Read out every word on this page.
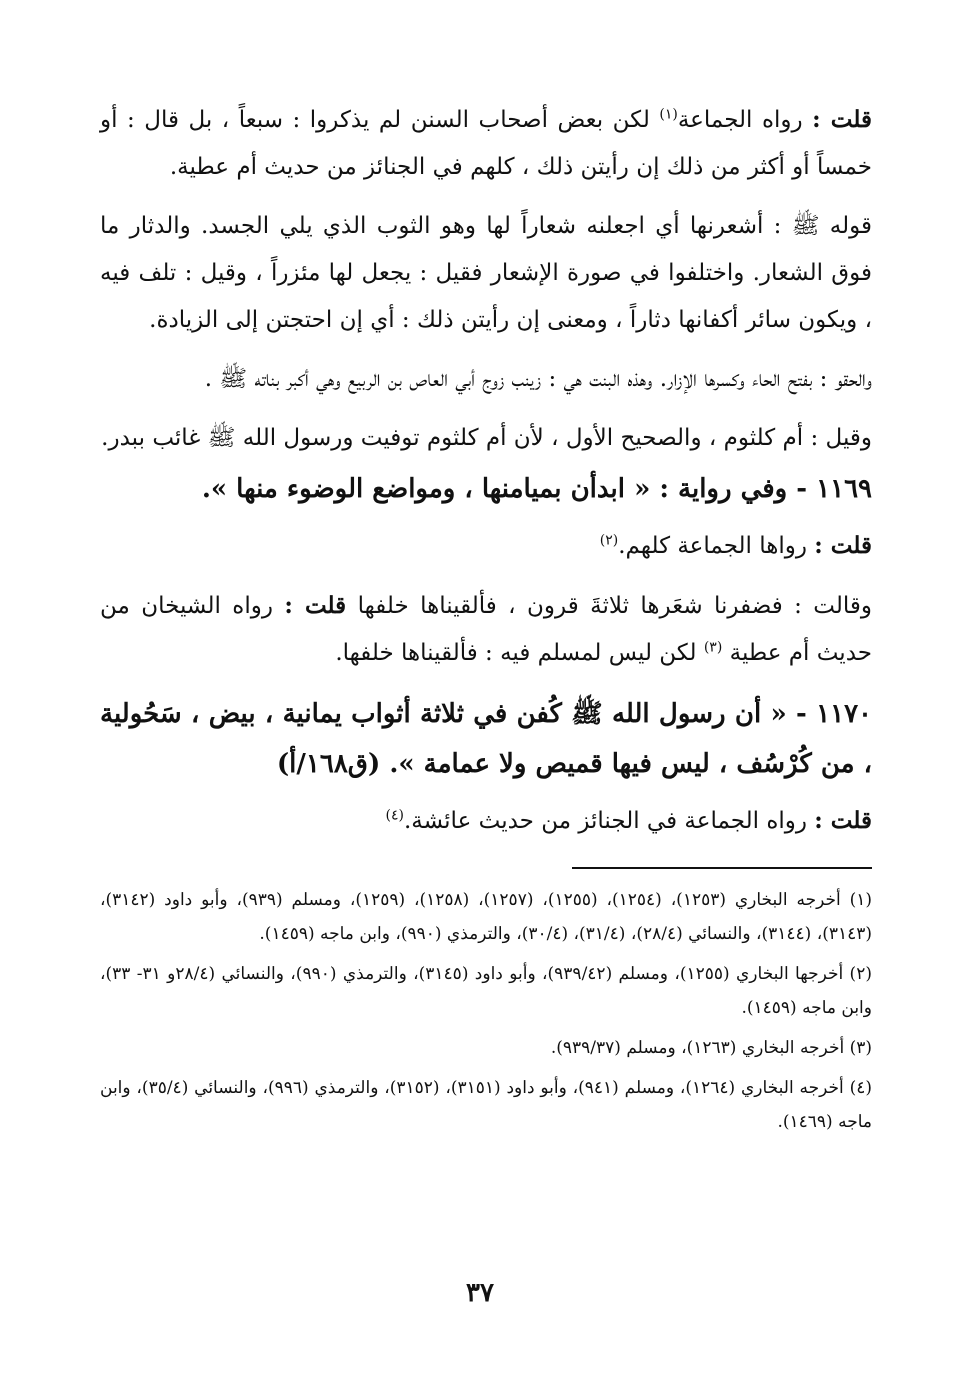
قلت : رواه الجماعة$^{(١)}$ لكن بعض أصحاب السنن لم يذكروا : سبعاً ، بل قال : أو خمساً أو أكثر من ذلك إن رأيتن ذلك ، كلهم في الجنائز من حديث أم عطية.

قوله ﷺ : أشعرنها أي اجعلنه شعاراً لها وهو الثوب الذي يلي الجسد. والدثار ما فوق الشعار. واختلفوا في صورة الإشعار فقيل : يجعل لها مئزراً ، وقيل : تلف فيه ، ويكون سائر أكفانها دثاراً ، ومعنى إن رأيتن ذلك : أي إن احتجتن إلى الزيادة.

والحقو : بفتح الحاء وكسرها الإزار. وهذه البنت هي : زينب زوج أبي العاص بن الربيع وهي أكبر بناته ﷺ .

وقيل : أم كلثوم ، والصحيح الأول ، لأن أم كلثوم توفيت ورسول الله ﷺ غائب ببدر.

١١٦٩ - وفي رواية : « ابدأن بميامنها ، ومواضع الوضوء منها ».

قلت : رواها الجماعة كلهم.$^{(٢)}$

وقالت : فضفرنا شعَرها ثلاثةَ قرون ، فألقيناها خلفها قلت : رواه الشيخان من حديث أم عطية $^{(٣)}$ لكن ليس لمسلم فيه : فألقيناها خلفها.

١١٧٠ - « أن رسول الله ﷺ كُفن في ثلاثة أثواب يمانية ، بيض ، سَحُولية ، من كُرْسُف ، ليس فيها قميص ولا عمامة ». (ق١٦٨/أ)

قلت : رواه الجماعة في الجنائز من حديث عائشة.$^{(٤)}$

(١) أخرجه البخاري (١٢٥٣)، (١٢٥٤)، (١٢٥٥)، (١٢٥٧)، (١٢٥٨)، (١٢٥٩)، ومسلم (٩٣٩)، وأبو داود (٣١٤٢)، (٣١٤٣)، (٣١٤٤)، والنسائي (٢٨/٤)، (٣١/٤)، (٣٠/٤)، والترمذي (٩٩٠)، وابن ماجه (١٤٥٩).

(٢) أخرجها البخاري (١٢٥٥)، ومسلم (٩٣٩/٤٢)، وأبو داود (٣١٤٥)، والترمذي (٩٩٠)، والنسائي (٢٨/٤و ٣١- ٣٣)، وابن ماجه (١٤٥٩).

(٣) أخرجه البخاري (١٢٦٣)، ومسلم (٩٣٩/٣٧).

(٤) أخرجه البخاري (١٢٦٤)، ومسلم (٩٤١)، وأبو داود (٣١٥١)، (٣١٥٢)، والترمذي (٩٩٦)، والنسائي (٣٥/٤)، وابن ماجه (١٤٦٩).

٣٧
